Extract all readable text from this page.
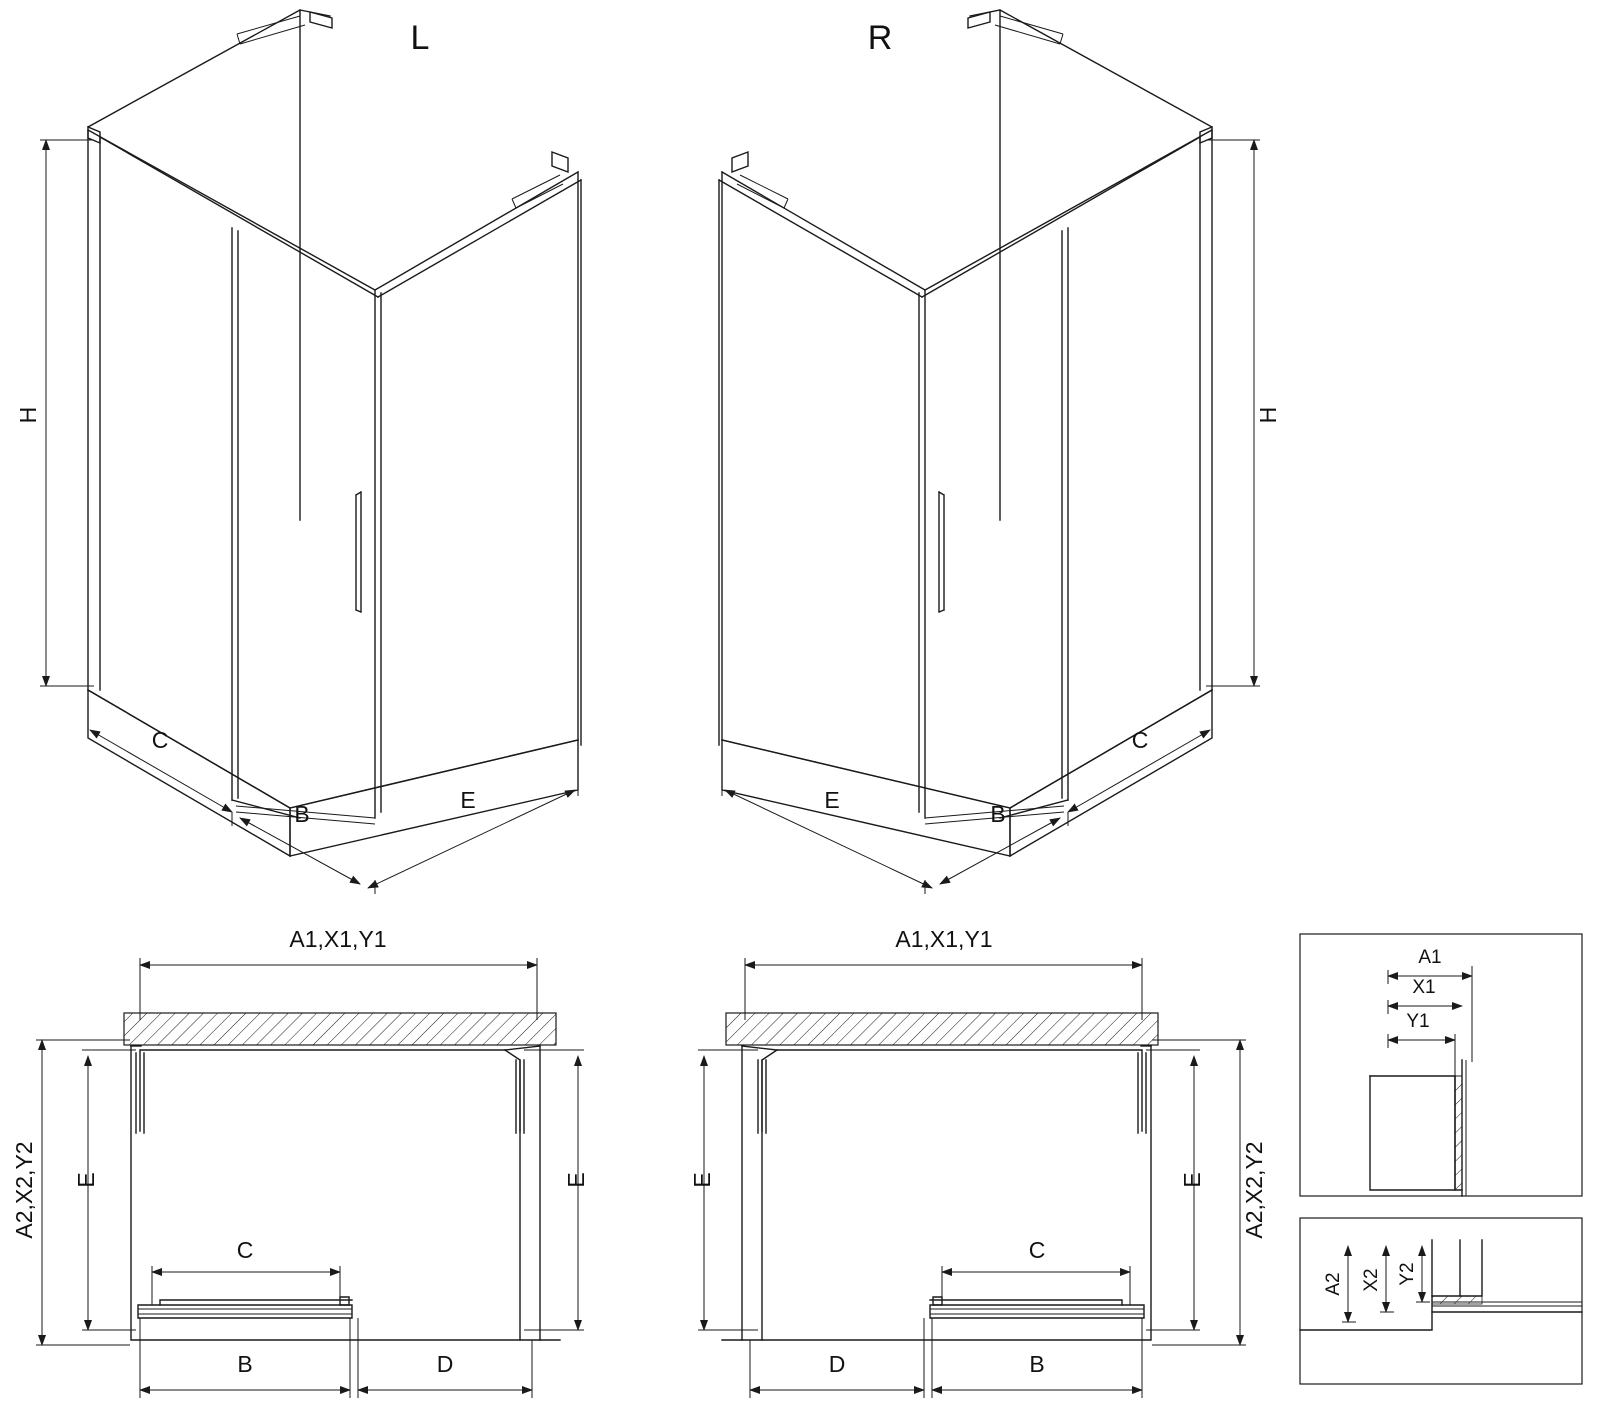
H
C
B
E
L
H
C
B
E
R
A1,X1,Y1
E
A2,X2,Y2	E
C
B	D
A1,X1,Y1
E A2,X2,Y2
E
C
B
D
A1
X1
Y1
A2 X2 Y2
